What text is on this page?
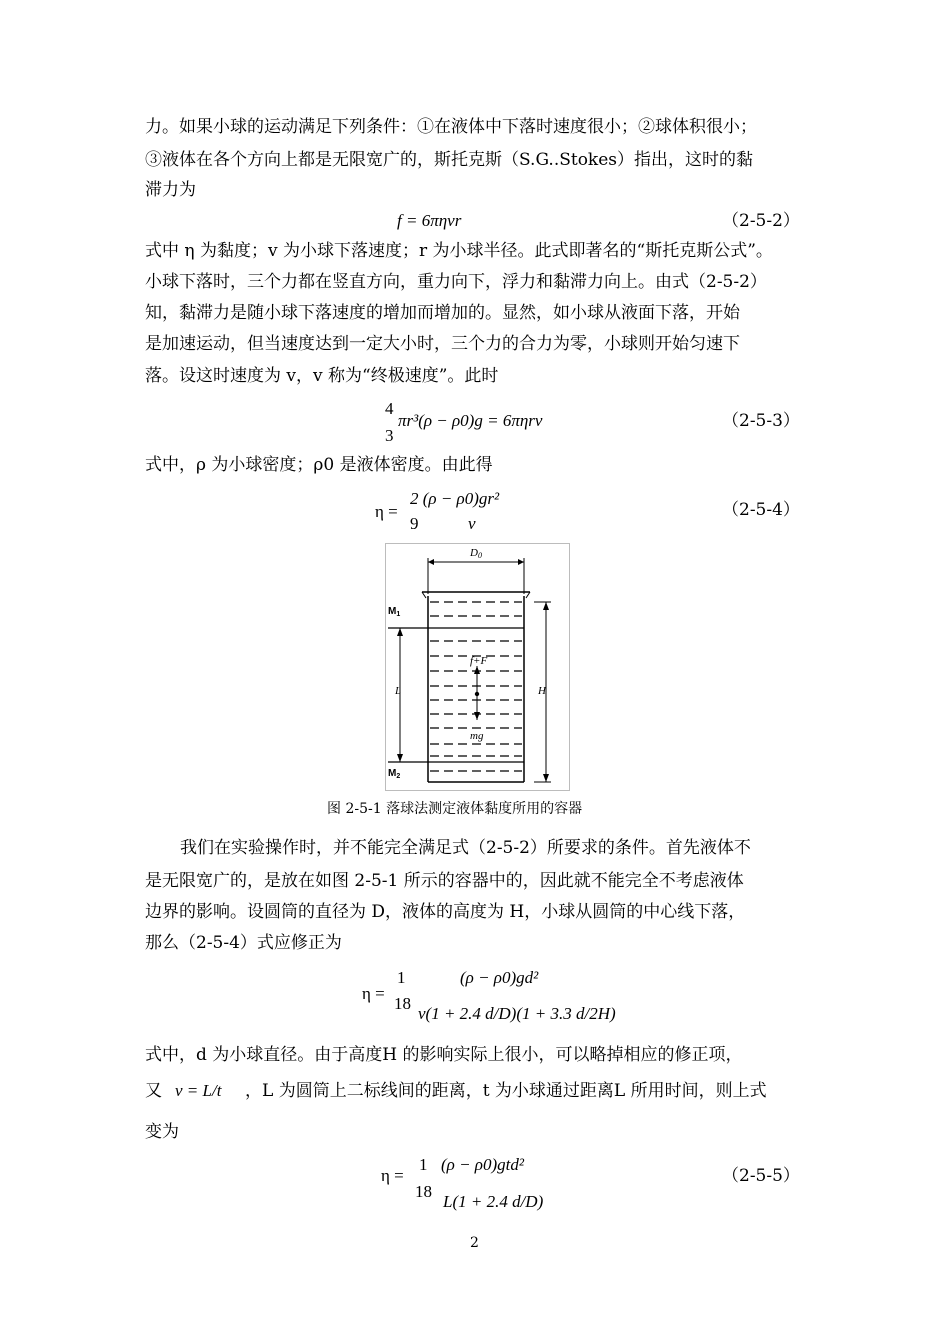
力。如果小球的运动满足下列条件：①在液体中下落时速度很小；②球体积很小；
③液体在各个方向上都是无限宽广的，斯托克斯（S.G..Stokes）指出，这时的黏
滞力为
f = 6πηvr	（2-5-2）
式中 η 为黏度；v 为小球下落速度；r 为小球半径。此式即著名的“斯托克斯公式”。
小球下落时，三个力都在竖直方向，重力向下，浮力和黏滞力向上。由式（2-5-2）
知，黏滞力是随小球下落速度的增加而增加的。显然，如小球从液面下落，开始
是加速运动，但当速度达到一定大小时，三个力的合力为零，小球则开始匀速下
落。设这时速度为 v，v 称为“终极速度”。此时
4
3
πr³(ρ − ρ0)g = 6πηrv	（2-5-3）
式中，ρ 为小球密度；ρ0 是液体密度。由此得
η =
2 (ρ − ρ0)gr²
9	v
（2-5-4）
D0
$M_1$
$M_2$
L	H
f+F
mg
图 2-5-1 落球法测定液体黏度所用的容器
我们在实验操作时，并不能完全满足式（2-5-2）所要求的条件。首先液体不
是无限宽广的，是放在如图 2-5-1 所示的容器中的，因此就不能完全不考虑液体
边界的影响。设圆筒的直径为 D，液体的高度为 H，小球从圆筒的中心线下落，
那么（2-5-4）式应修正为
η =
1
18
(ρ − ρ0)gd²
v(1 + 2.4 d/D)(1 + 3.3 d/2H)
式中，d 为小球直径。由于高度H 的影响实际上很小，可以略掉相应的修正项，
又 v = L/t ，L 为圆筒上二标线间的距离，t 为小球通过距离L 所用时间，则上式
变为
η =
1
18
(ρ − ρ0)gtd²
L(1 + 2.4 d/D)
（2-5-5）
2
